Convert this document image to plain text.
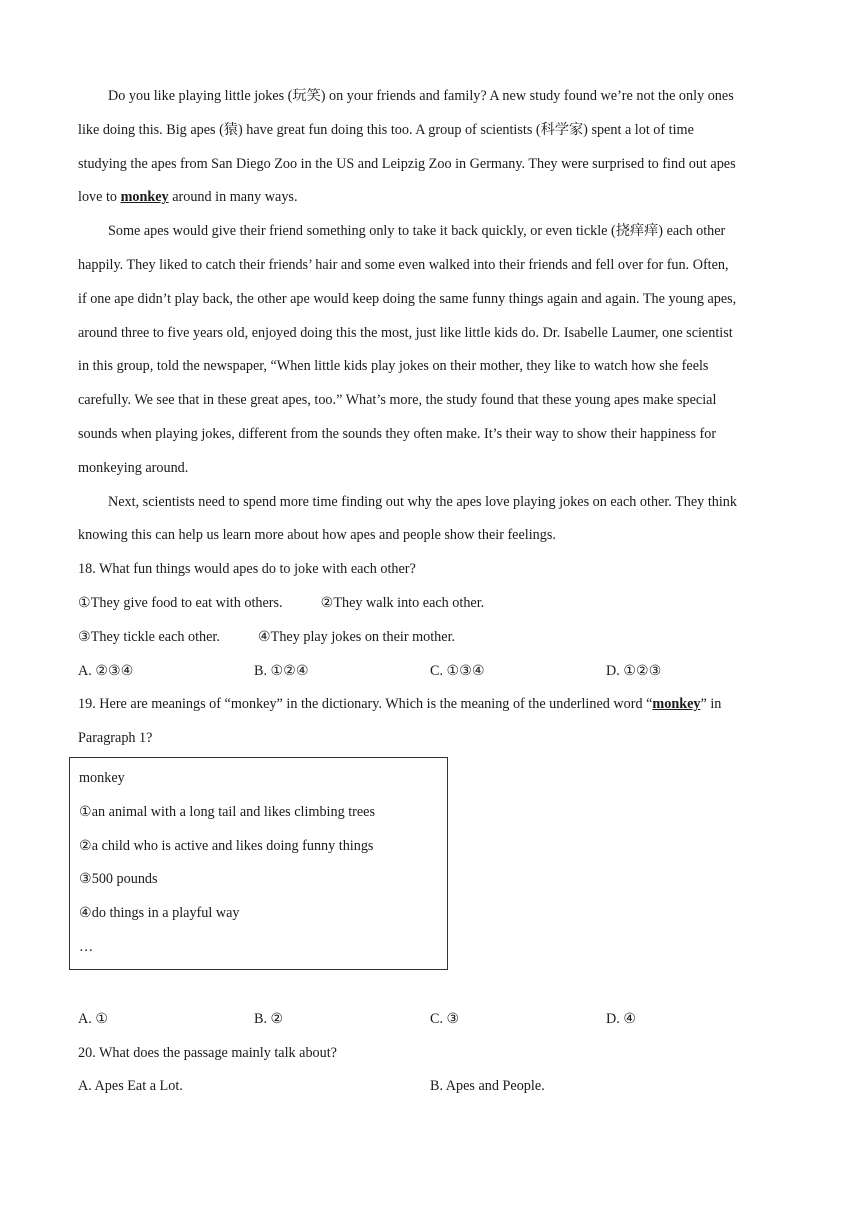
Do you like playing little jokes (玩笑) on your friends and family? A new study found we’re not the only ones
like doing this. Big apes (猿) have great fun doing this too. A group of scientists (科学家) spent a lot of time
studying the apes from San Diego Zoo in the US and Leipzig Zoo in Germany. They were surprised to find out apes
love to monkey around in many ways.
Some apes would give their friend something only to take it back quickly, or even tickle (挠痒痒) each other
happily. They liked to catch their friends’ hair and some even walked into their friends and fell over for fun. Often,
if one ape didn’t play back, the other ape would keep doing the same funny things again and again. The young apes,
around three to five years old, enjoyed doing this the most, just like little kids do. Dr. Isabelle Laumer, one scientist
in this group, told the newspaper, “When little kids play jokes on their mother, they like to watch how she feels
carefully. We see that in these great apes, too.” What’s more, the study found that these young apes make special
sounds when playing jokes, different from the sounds they often make. It’s their way to show their happiness for
monkeying around.
Next, scientists need to spend more time finding out why the apes love playing jokes on each other. They think
knowing this can help us learn more about how apes and people show their feelings.
18. What fun things would apes do to joke with each other?
①They give food to eat with others.	②They walk into each other.
③They tickle each other.	④They play jokes on their mother.
A. ②③④	B. ①②④	C. ①③④	D. ①②③
19. Here are meanings of “monkey” in the dictionary. Which is the meaning of the underlined word “monkey” in
Paragraph 1?
monkey
①an animal with a long tail and likes climbing trees
②a child who is active and likes doing funny things
③500 pounds
④do things in a playful way
…
A. ①	B. ②	C. ③	D. ④
20. What does the passage mainly talk about?
A. Apes Eat a Lot.	B. Apes and People.
